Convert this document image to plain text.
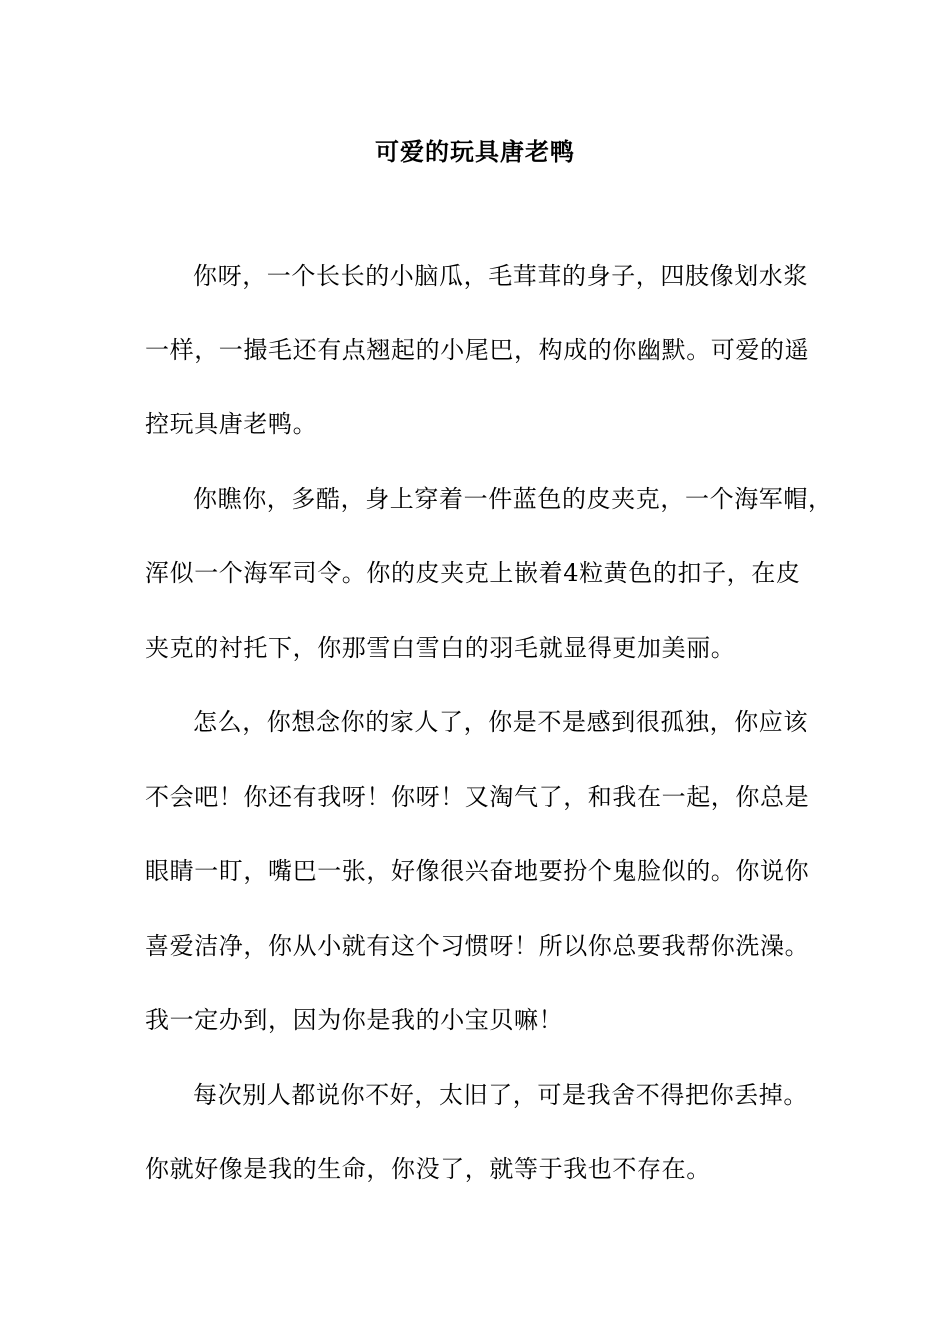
可爱的玩具唐老鸭
你呀，一个长长的小脑瓜，毛茸茸的身子，四肢像划水浆
一样，一撮毛还有点翘起的小尾巴，构成的你幽默。可爱的遥
控玩具唐老鸭。
你瞧你，多酷，身上穿着一件蓝色的皮夹克，一个海军帽，
浑似一个海军司令。你的皮夹克上嵌着4粒黄色的扣子，在皮
夹克的衬托下，你那雪白雪白的羽毛就显得更加美丽。
怎么，你想念你的家人了，你是不是感到很孤独，你应该
不会吧！你还有我呀！你呀！又淘气了，和我在一起，你总是
眼睛一盯，嘴巴一张，好像很兴奋地要扮个鬼脸似的。你说你
喜爱洁净，你从小就有这个习惯呀！所以你总要我帮你洗澡。
我一定办到，因为你是我的小宝贝嘛！
每次别人都说你不好，太旧了，可是我舍不得把你丢掉。
你就好像是我的生命，你没了，就等于我也不存在。
